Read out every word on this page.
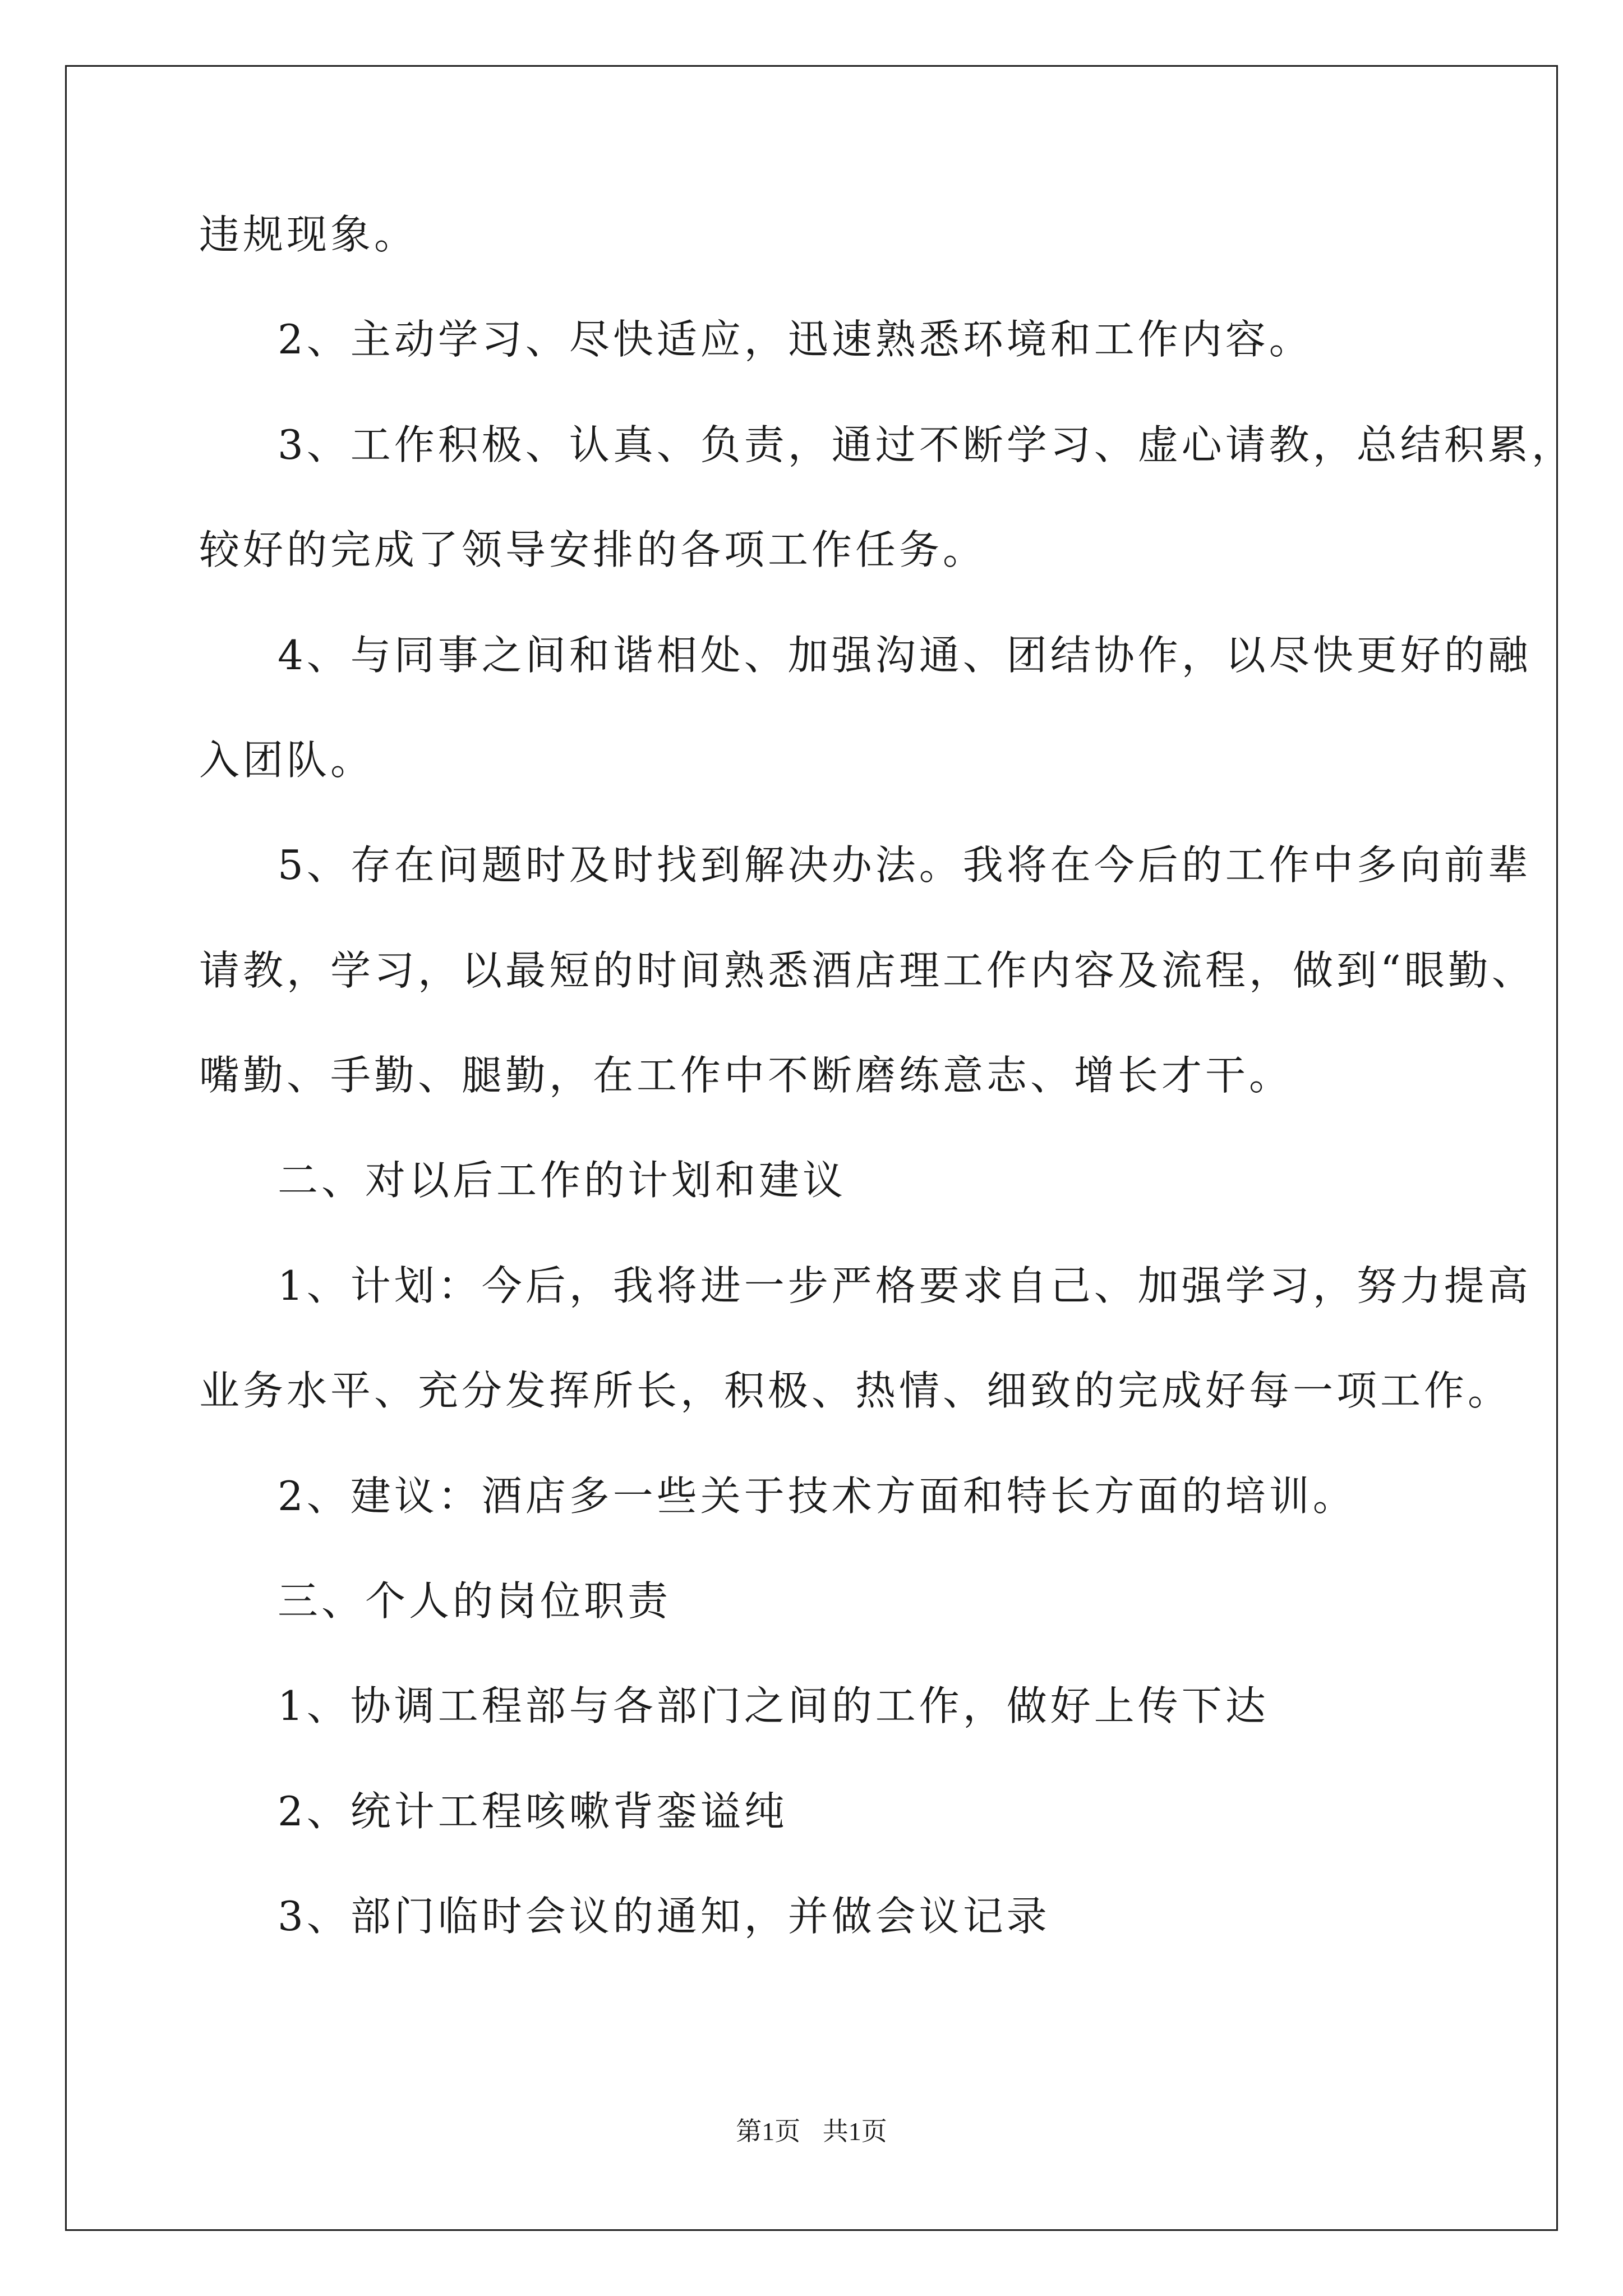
违规现象。
2、主动学习、尽快适应，迅速熟悉环境和工作内容。
3、工作积极、认真、负责，通过不断学习、虚心请教，总结积累，
较好的完成了领导安排的各项工作任务。
4、与同事之间和谐相处、加强沟通、团结协作，以尽快更好的融
入团队。
5、存在问题时及时找到解决办法。我将在今后的工作中多向前辈
请教，学习，以最短的时间熟悉酒店理工作内容及流程，做到“眼勤、
嘴勤、手勤、腿勤，在工作中不断磨练意志、增长才干。
二、对以后工作的计划和建议
1、计划：今后，我将进一步严格要求自己、加强学习，努力提高
业务水平、充分发挥所长，积极、热情、细致的完成好每一项工作。
2、建议：酒店多一些关于技术方面和特长方面的培训。
三、个人的岗位职责
1、协调工程部与各部门之间的工作，做好上传下达
2、统计工程咳嗽背銮谥纯
3、部门临时会议的通知，并做会议记录
第1页 共1页
